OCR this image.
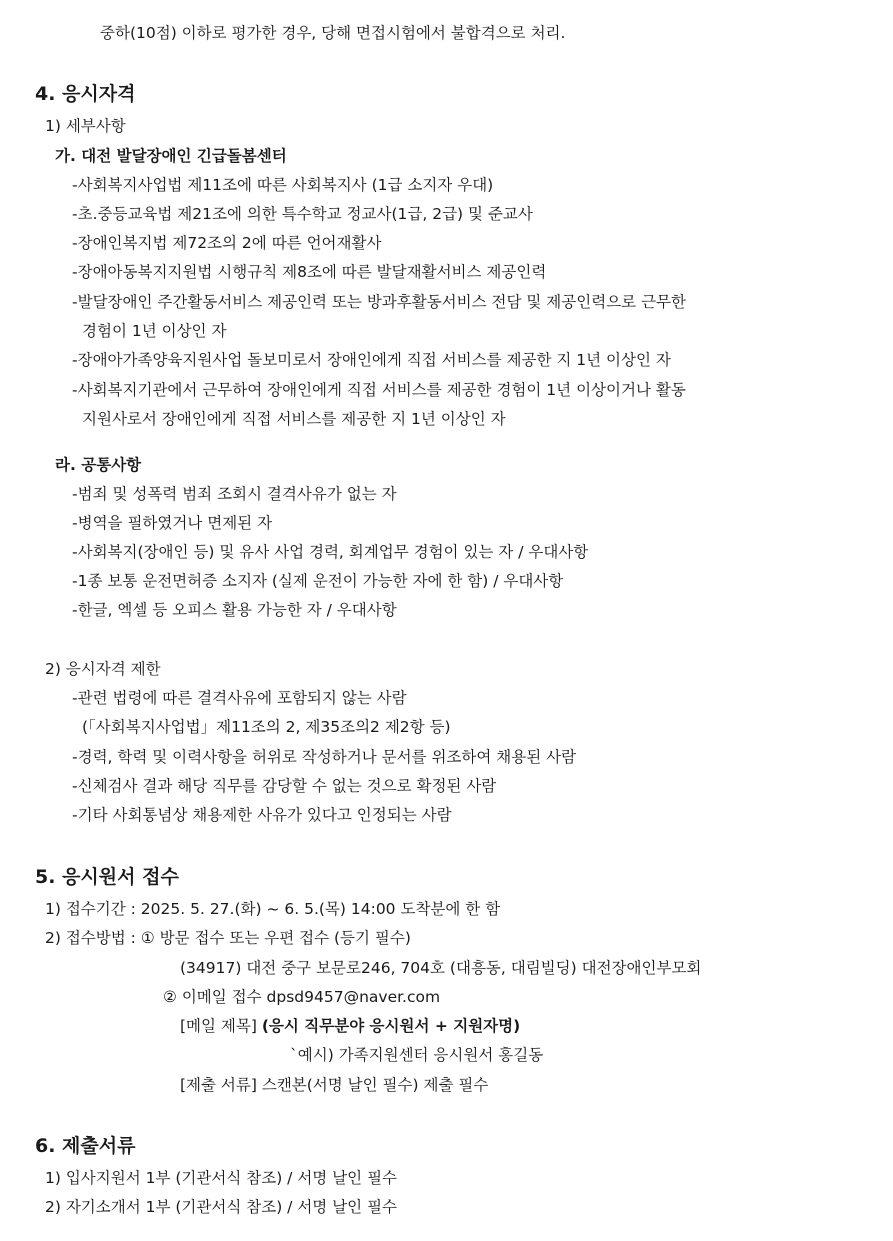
중하(10점) 이하로 평가한 경우, 당해 면접시험에서 불합격으로 처리.
4. 응시자격
1) 세부사항
가. 대전 발달장애인 긴급돌봄센터
-사회복지사업법 제11조에 따른 사회복지사 (1급 소지자 우대)
-초.중등교육법 제21조에 의한 특수학교 정교사(1급, 2급) 및 준교사
-장애인복지법 제72조의 2에 따른 언어재활사
-장애아동복지지원법 시행규칙 제8조에 따른 발달재활서비스 제공인력
-발달장애인 주간활동서비스 제공인력 또는 방과후활동서비스 전담 및 제공인력으로 근무한
경험이 1년 이상인 자
-장애아가족양육지원사업 돌보미로서 장애인에게 직접 서비스를 제공한 지 1년 이상인 자
-사회복지기관에서 근무하여 장애인에게 직접 서비스를 제공한 경험이 1년 이상이거나 활동
지원사로서 장애인에게 직접 서비스를 제공한 지 1년 이상인 자
라. 공통사항
-범죄 및 성폭력 범죄 조회시 결격사유가 없는 자
-병역을 필하였거나 면제된 자
-사회복지(장애인 등) 및 유사 사업 경력, 회계업무 경험이 있는 자 / 우대사항
-1종 보통 운전면허증 소지자 (실제 운전이 가능한 자에 한 함) / 우대사항
-한글, 엑셀 등 오피스 활용 가능한 자 / 우대사항
2) 응시자격 제한
-관련 법령에 따른 결격사유에 포함되지 않는 사람
(「사회복지사업법」제11조의 2, 제35조의2 제2항 등)
-경력, 학력 및 이력사항을 허위로 작성하거나 문서를 위조하여 채용된 사람
-신체검사 결과 해당 직무를 감당할 수 없는 것으로 확정된 사람
-기타 사회통념상 채용제한 사유가 있다고 인정되는 사람
5. 응시원서 접수
1) 접수기간 : 2025. 5. 27.(화) ~ 6. 5.(목) 14:00 도착분에 한 함
2) 접수방법 : ① 방문 접수 또는 우편 접수 (등기 필수)
(34917) 대전 중구 보문로246, 704호 (대흥동, 대림빌딩) 대전장애인부모회
② 이메일 접수 dpsd9457@naver.com
[메일 제목] (응시 직무분야 응시원서 + 지원자명)
`예시) 가족지원센터 응시원서 홍길동
[제출 서류] 스캔본(서명 날인 필수) 제출 필수
6. 제출서류
1) 입사지원서 1부 (기관서식 참조) / 서명 날인 필수
2) 자기소개서 1부 (기관서식 참조) / 서명 날인 필수
